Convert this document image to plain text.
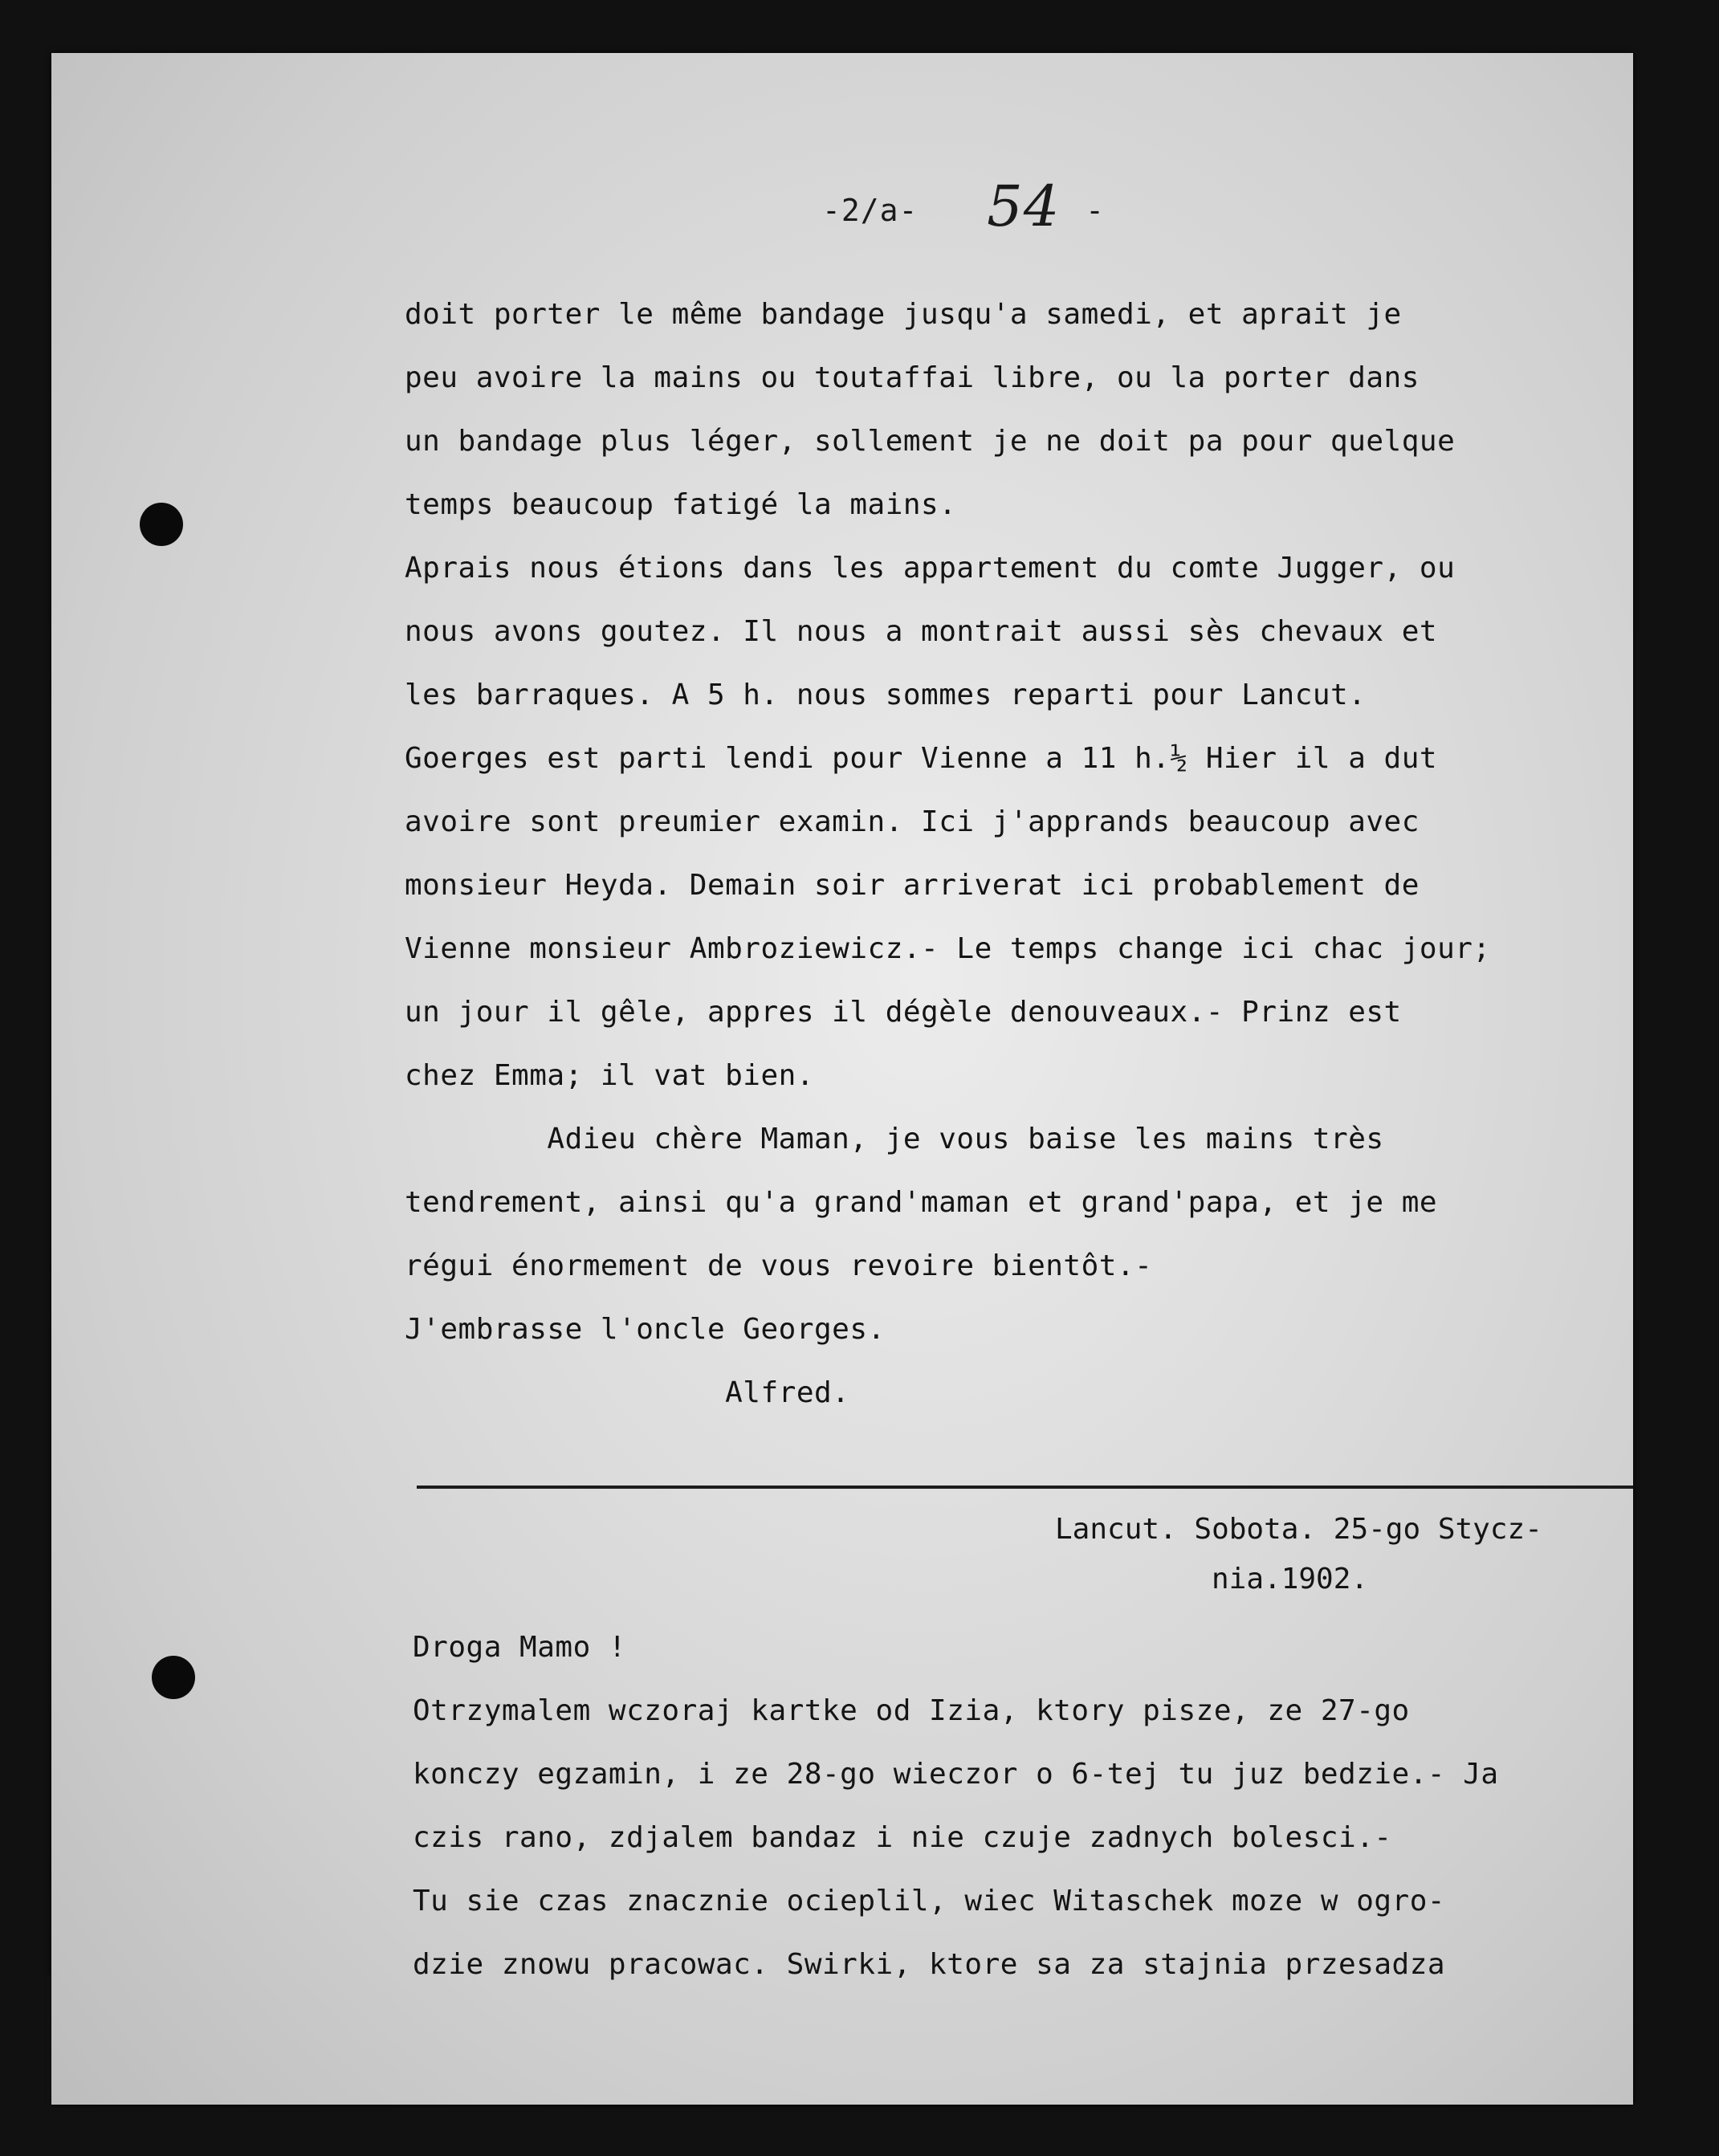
-2/a- 54 -

doit porter le même bandage jusqu'a samedi, et aprait je

peu avoire la mains ou toutaffai libre, ou la porter dans

un bandage plus léger, sollement je ne doit pa pour quelque

temps beaucoup fatigé la mains.

Aprais nous étions dans les appartement du comte Jugger, ou

nous avons goutez. Il nous a montrait aussi sès chevaux et

les barraques. A 5 h. nous sommes reparti pour Lancut.

Goerges est parti lendi pour Vienne a 11 h.½ Hier il a dut

avoire sont preumier examin. Ici j'apprands beaucoup avec

monsieur Heyda. Demain soir arriverat ici probablement de

Vienne monsieur Ambroziewicz.- Le temps change ici chac jour;

un jour il gêle, appres il dégèle denouveaux.- Prinz est

chez Emma; il vat bien.

Adieu chère Maman, je vous baise les mains très

tendrement, ainsi qu'a grand'maman et grand'papa, et je me

régui énormement de vous revoire bientôt.-

J'embrasse l'oncle Georges.

Alfred.

Lancut. Sobota. 25-go Stycz-
nia.1902.

Droga Mamo !

Otrzymalem wczoraj kartke od Izia, ktory pisze, ze 27-go

konczy egzamin, i ze 28-go wieczor o 6-tej tu juz bedzie.- Ja

czis rano, zdjalem bandaz i nie czuje zadnych bolesci.-

Tu sie czas znacznie ocieplil, wiec Witaschek moze w ogro-

dzie znowu pracowac. Swirki, ktore sa za stajnia przesadza
